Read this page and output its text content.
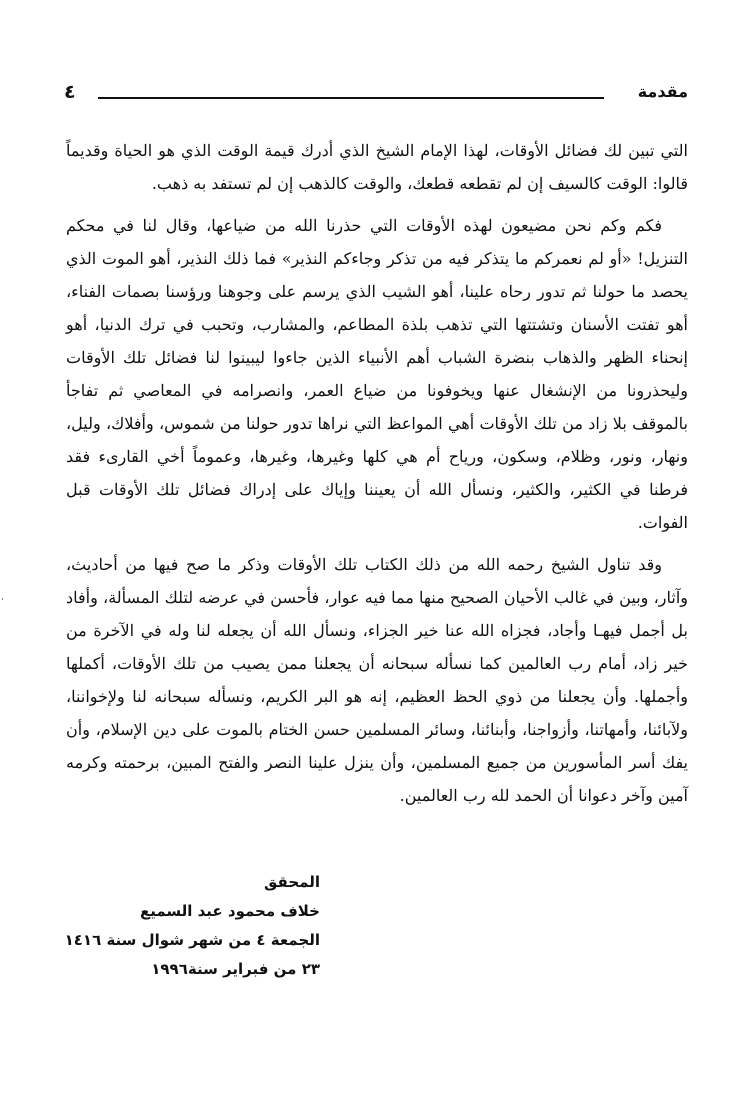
مقدمة
٤

التي تبين لك فضائل الأوقات، لهذا الإمام الشيخ الذي أدرك قيمة الوقت الذي هو الحياة وقديماً قالوا: الوقت كالسيف إن لم تقطعه قطعك، والوقت كالذهب إن لم تستفد به ذهب.

فكم وكم نحن مضيعون لهذه الأوقات التي حذرنا الله من ضياعها، وقال لنا في محكم التنزيل! «أو لم نعمركم ما يتذكر فيه من تذكر وجاءكم النذير» فما ذلك النذير، أهو الموت الذي يحصد ما حولنا ثم تدور رحاه علينا، أهو الشيب الذي يرسم على وجوهنا ورؤسنا بصمات الفناء، أهو تفتت الأسنان وتشتتها التي تذهب بلذة المطاعم، والمشارب، وتحبب في ترك الدنيا، أهو إنحناء الظهر والذهاب بنضرة الشباب أهم الأنبياء الذين جاءوا ليبينوا لنا فضائل تلك الأوقات وليحذرونا من الإنشغال عنها ويخوفونا من ضياع العمر، وانصرامه في المعاصي ثم تفاجأ بالموقف بلا زاد من تلك الأوقات أهي المواعظ التي نراها تدور حولنا من شموس، وأفلاك، وليل، ونهار، ونور، وظلام، وسكون، ورياح أم هي كلها وغيرها، وغيرها، وعموماً أخي القارىء فقد فرطنا في الكثير، والكثير، ونسأل الله أن يعيننا وإياك على إدراك فضائل تلك الأوقات قبل الفوات.

وقد تناول الشيخ رحمه الله من ذلك الكتاب تلك الأوقات وذكر ما صح فيها من أحاديث، وآثار، وبين في غالب الأحيان الصحيح منها مما فيه عوار، فأحسن في عرضه لتلك المسألة، وأفاد بل أجمل فيهـا وأجاد، فجزاه الله عنا خير الجزاء، ونسأل الله أن يجعله لنا وله في الآخرة من خير زاد، أمام رب العالمين كما نسأله سبحانه أن يجعلنا ممن يصيب من تلك الأوقات، أكملها وأجملها. وأن يجعلنا من ذوي الحظ العظيم، إنه هو البر الكريم، ونسأله سبحانه لنا ولإخواننا، ولآبائنا، وأمهاتنا، وأزواجنا، وأبنائنا، وسائر المسلمين حسن الختام بالموت على دين الإسلام، وأن يفك أسر المأسورين من جميع المسلمين، وأن ينزل علينا النصر والفتح المبين، برحمته وكرمه آمين وآخر دعوانا أن الحمد لله رب العالمين.

المحقق
خلاف محمود عبد السميع
الجمعة ٤ من شهر شوال سنة ١٤١٦
٢٣ من فبراير سنة١٩٩٦
